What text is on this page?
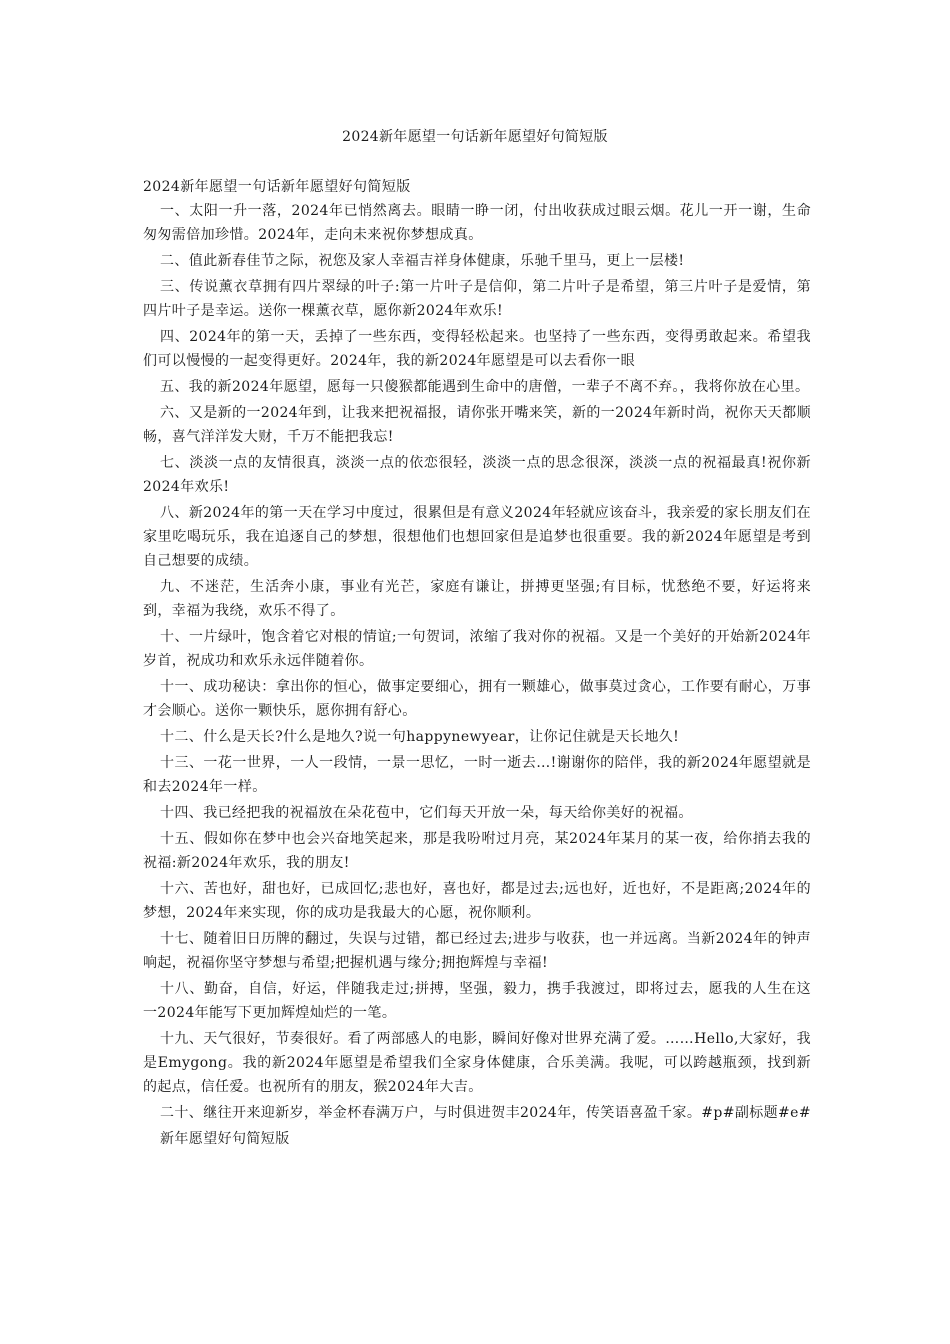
2024新年愿望一句话新年愿望好句简短版

2024新年愿望一句话新年愿望好句简短版

一、太阳一升一落，2024年已悄然离去。眼睛一睁一闭，付出收获成过眼云烟。花儿一开一谢，生命匆匆需倍加珍惜。2024年，走向未来祝你梦想成真。

二、值此新春佳节之际，祝您及家人幸福吉祥身体健康，乐驰千里马，更上一层楼!

三、传说薰衣草拥有四片翠绿的叶子:第一片叶子是信仰，第二片叶子是希望，第三片叶子是爱情，第四片叶子是幸运。送你一棵薰衣草，愿你新2024年欢乐!

四、2024年的第一天，丢掉了一些东西，变得轻松起来。也坚持了一些东西，变得勇敢起来。希望我们可以慢慢的一起变得更好。2024年，我的新2024年愿望是可以去看你一眼

五、我的新2024年愿望，愿每一只傻猴都能遇到生命中的唐僧，一辈子不离不弃。，我将你放在心里。

六、又是新的一2024年到，让我来把祝福报，请你张开嘴来笑，新的一2024年新时尚，祝你天天都顺畅，喜气洋洋发大财，千万不能把我忘!

七、淡淡一点的友情很真，淡淡一点的依恋很轻，淡淡一点的思念很深，淡淡一点的祝福最真!祝你新2024年欢乐!

八、新2024年的第一天在学习中度过，很累但是有意义2024年轻就应该奋斗，我亲爱的家长朋友们在家里吃喝玩乐，我在追逐自己的梦想，很想他们也想回家但是追梦也很重要。我的新2024年愿望是考到自己想要的成绩。

九、不迷茫，生活奔小康，事业有光芒，家庭有谦让，拼搏更坚强;有目标，忧愁绝不要，好运将来到，幸福为我绕，欢乐不得了。

十、一片绿叶，饱含着它对根的情谊;一句贺词，浓缩了我对你的祝福。又是一个美好的开始新2024年岁首，祝成功和欢乐永远伴随着你。

十一、成功秘诀：拿出你的恒心，做事定要细心，拥有一颗雄心，做事莫过贪心，工作要有耐心，万事才会顺心。送你一颗快乐，愿你拥有舒心。

十二、什么是天长?什么是地久?说一句happynewyear，让你记住就是天长地久!

十三、一花一世界，一人一段情，一景一思忆，一时一逝去…!谢谢你的陪伴，我的新2024年愿望就是和去2024年一样。

十四、我已经把我的祝福放在朵花苞中，它们每天开放一朵，每天给你美好的祝福。

十五、假如你在梦中也会兴奋地笑起来，那是我吩咐过月亮，某2024年某月的某一夜，给你捎去我的祝福:新2024年欢乐，我的朋友!

十六、苦也好，甜也好，已成回忆;悲也好，喜也好，都是过去;远也好，近也好，不是距离;2024年的梦想，2024年来实现，你的成功是我最大的心愿，祝你顺利。

十七、随着旧日历牌的翻过，失误与过错，都已经过去;进步与收获，也一并远离。当新2024年的钟声响起，祝福你坚守梦想与希望;把握机遇与缘分;拥抱辉煌与幸福!

十八、勤奋，自信，好运，伴随我走过;拼搏，坚强，毅力，携手我渡过，即将过去，愿我的人生在这一2024年能写下更加辉煌灿烂的一笔。

十九、天气很好，节奏很好。看了两部感人的电影，瞬间好像对世界充满了爱。……Hello,大家好，我是Emygong。我的新2024年愿望是希望我们全家身体健康，合乐美满。我呢，可以跨越瓶颈，找到新的起点，信任爱。也祝所有的朋友，猴2024年大吉。

二十、继往开来迎新岁，举金杯春满万户，与时俱进贺丰2024年，传笑语喜盈千家。#p#副标题#e#

新年愿望好句简短版
